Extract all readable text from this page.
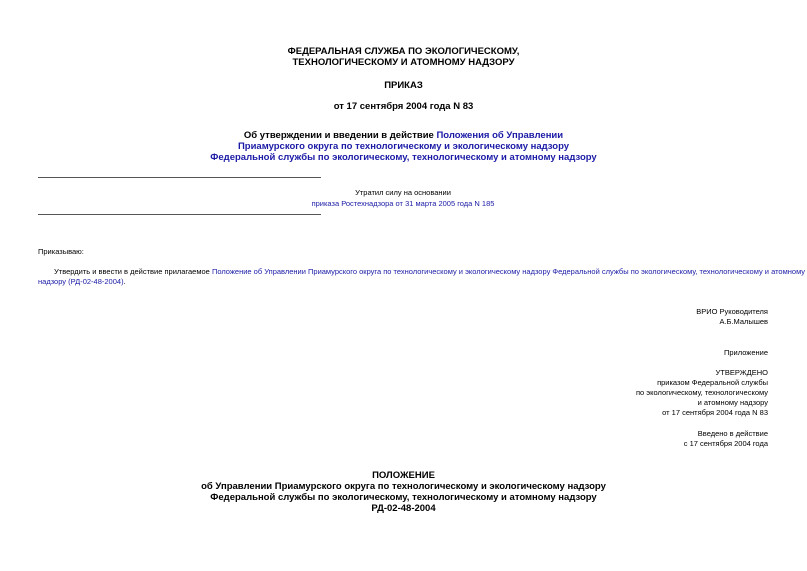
ФЕДЕРАЛЬНАЯ СЛУЖБА ПО ЭКОЛОГИЧЕСКОМУ,
ТЕХНОЛОГИЧЕСКОМУ И АТОМНОМУ НАДЗОРУ
ПРИКАЗ
от 17 сентября 2004 года N 83
Об утверждении и введении в действие Положения об Управлении
Приамурского округа по технологическому и экологическому надзору
Федеральной службы по экологическому, технологическому и атомному надзору
Утратил силу на основании
приказа Ростехнадзора от 31 марта 2005 года N 185
Приказываю:
Утвердить и ввести в действие прилагаемое Положение об Управлении Приамурского округа по технологическому и экологическому надзору Федеральной службы по экологическому, технологическому и атомному
надзору (РД-02-48-2004).
ВРИО Руководителя
А.Б.Малышев
Приложение
УТВЕРЖДЕНО
приказом Федеральной службы
по экологическому, технологическому
и атомному надзору
от 17 сентября 2004 года N 83
Введено в действие
с 17 сентября 2004 года
ПОЛОЖЕНИЕ
об Управлении Приамурского округа по технологическому и экологическому надзору
Федеральной службы по экологическому, технологическому и атомному надзору
РД-02-48-2004
